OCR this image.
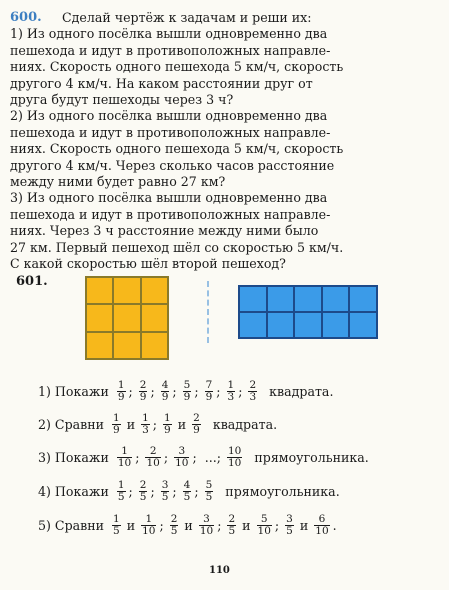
600.	Сделай чертёж к задачам и реши их:
1) Из одного посёлка вышли одновременно два
пешехода и идут в противоположных направле-
ниях. Скорость одного пешехода 5 км/ч, скорость
другого 4 км/ч. На каком расстоянии друг от
друга будут пешеходы через 3 ч?
2) Из одного посёлка вышли одновременно два
пешехода и идут в противоположных направле-
ниях. Скорость одного пешехода 5 км/ч, скорость
другого 4 км/ч. Через сколько часов расстояние
между ними будет равно 27 км?
3) Из одного посёлка вышли одновременно два
пешехода и идут в противоположных направле-
ниях. Через 3 ч расстояние между ними было
27 км. Первый пешеход шёл со скоростью 5 км/ч.
С какой скоростью шёл второй пешеход?
601.
1) Покажи $\frac{1}{9}$ ; $\frac{2}{9}$ ; $\frac{4}{9}$ ; $\frac{5}{9}$ ; $\frac{7}{9}$ ; $\frac{1}{3}$ ; $\frac{2}{3}$ квадрата.
2) Сравни $\frac{1}{9}$ и $\frac{1}{3}$ ; $\frac{1}{9}$ и $\frac{2}{9}$ квадрата.
3) Покажи $\frac{1}{10}$ ; $\frac{2}{10}$ ; $\frac{3}{10}$ ; ...; $\frac{10}{10}$ прямоугольника.
4) Покажи $\frac{1}{5}$ ; $\frac{2}{5}$ ; $\frac{3}{5}$ ; $\frac{4}{5}$ ; $\frac{5}{5}$ прямоугольника.
5) Сравни $\frac{1}{5}$ и $\frac{1}{10}$ ; $\frac{2}{5}$ и $\frac{3}{10}$ ; $\frac{2}{5}$ и $\frac{5}{10}$ ; $\frac{3}{5}$ и $\frac{6}{10}$ .
110
